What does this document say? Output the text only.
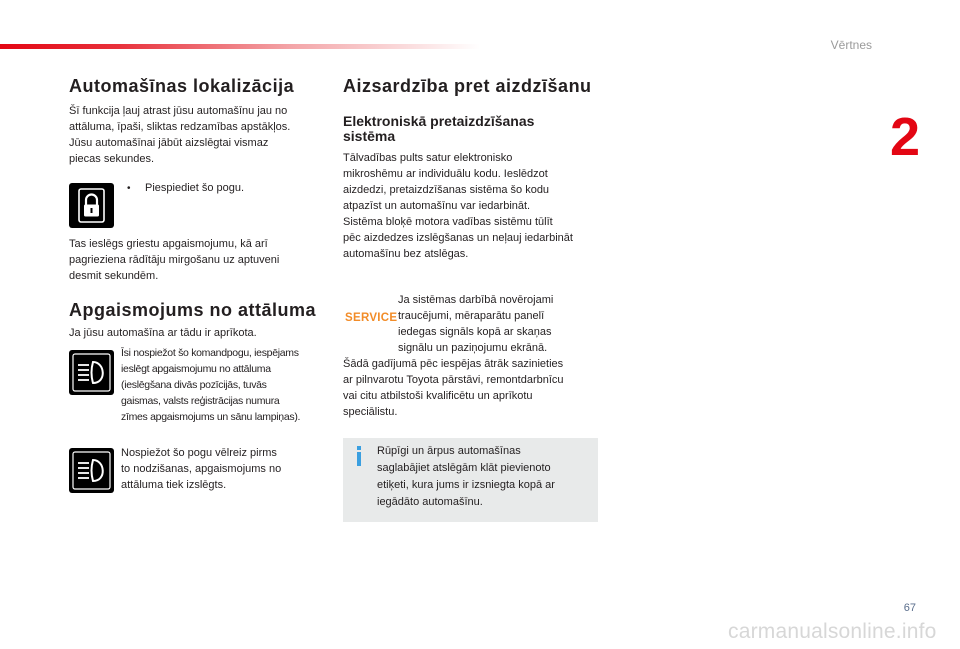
Vērtnes
2
Automašīnas lokalizācija
Šī funkcija ļauj atrast jūsu automašīnu jau no
attāluma, īpaši, sliktas redzamības apstākļos.
Jūsu automašīnai jābūt aizslēgtai vismaz
piecas sekundes.
• Piespiediet šo pogu.
Tas ieslēgs griestu apgaismojumu, kā arī
pagrieziena rādītāju mirgošanu uz aptuveni
desmit sekundēm.
Apgaismojums no attāluma
Ja jūsu automašīna ar tādu ir aprīkota.
Īsi nospiežot šo komandpogu, iespējams
ieslēgt apgaismojumu no attāluma
(ieslēgšana divās pozīcijās, tuvās
gaismas, valsts reģistrācijas numura
zīmes apgaismojums un sānu lampiņas).
Nospiežot šo pogu vēlreiz pirms
to nodzišanas, apgaismojums no
attāluma tiek izslēgts.
Aizsardzība pret aizdzīšanu
Elektroniskā pretaizdzīšanas
sistēma
Tālvadības pults satur elektronisko
mikroshēmu ar individuālu kodu. Ieslēdzot
aizdedzi, pretaizdzīšanas sistēma šo kodu
atpazīst un automašīnu var iedarbināt.
Sistēma bloķē motora vadības sistēmu tūlīt
pēc aizdedzes izslēgšanas un neļauj iedarbināt
automašīnu bez atslēgas.
SERVICE
Ja sistēmas darbībā novērojami
traucējumi, mēraparātu panelī
iedegas signāls kopā ar skaņas
signālu un paziņojumu ekrānā.
Šādā gadījumā pēc iespējas ātrāk sazinieties
ar pilnvarotu Toyota pārstāvi, remontdarbnīcu
vai citu atbilstoši kvalificētu un aprīkotu
speciālistu.
Rūpīgi un ārpus automašīnas
saglabājiet atslēgām klāt pievienoto
etiķeti, kura jums ir izsniegta kopā ar
iegādāto automašīnu.
67
carmanualsonline.info
